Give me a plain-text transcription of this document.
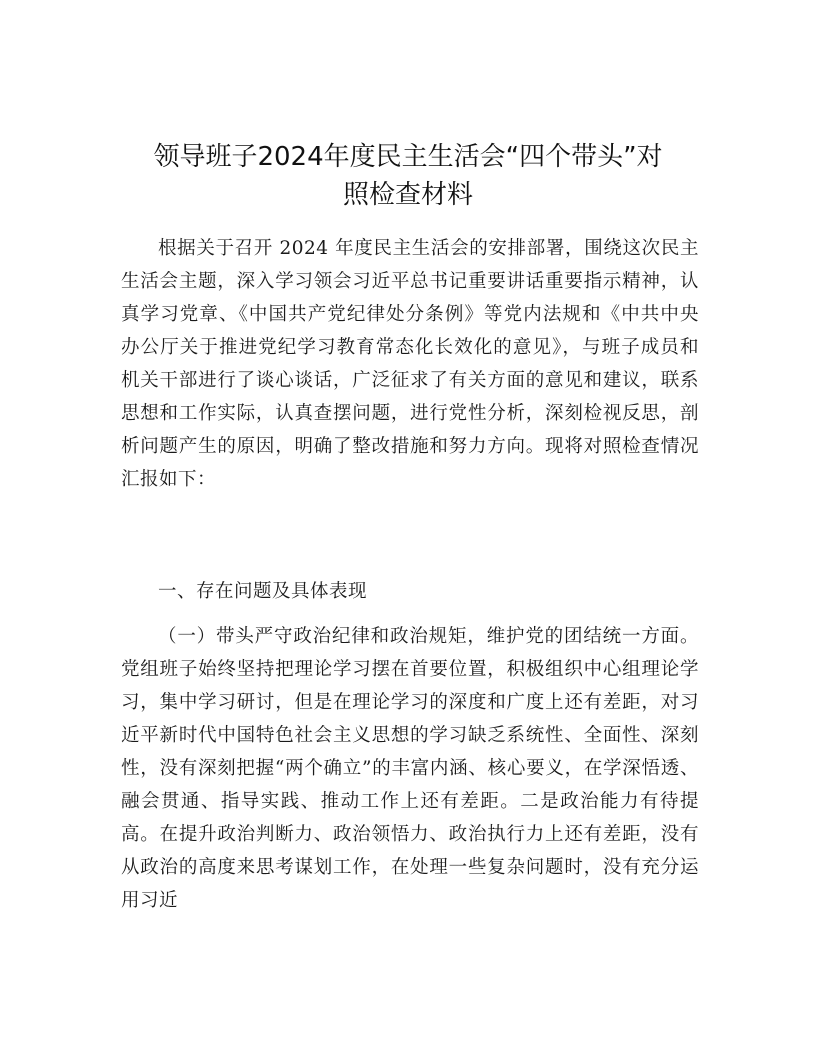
领导班子2024年度民主生活会“四个带头”对
照检查材料

根据关于召开 2024 年度民主生活会的安排部署，围绕这次民主生活会主题，深入学习领会习近平总书记重要讲话重要指示精神，认真学习党章、《中国共产党纪律处分条例》等党内法规和《中共中央办公厅关于推进党纪学习教育常态化长效化的意见》，与班子成员和机关干部进行了谈心谈话，广泛征求了有关方面的意见和建议，联系思想和工作实际，认真查摆问题，进行党性分析，深刻检视反思，剖析问题产生的原因，明确了整改措施和努力方向。现将对照检查情况汇报如下：

一、存在问题及具体表现

（一）带头严守政治纪律和政治规矩，维护党的团结统一方面。党组班子始终坚持把理论学习摆在首要位置，积极组织中心组理论学习，集中学习研讨，但是在理论学习的深度和广度上还有差距，对习近平新时代中国特色社会主义思想的学习缺乏系统性、全面性、深刻性，没有深刻把握“两个确立”的丰富内涵、核心要义，在学深悟透、融会贯通、指导实践、推动工作上还有差距。二是政治能力有待提高。在提升政治判断力、政治领悟力、政治执行力上还有差距，没有从政治的高度来思考谋划工作，在处理一些复杂问题时，没有充分运用习近
